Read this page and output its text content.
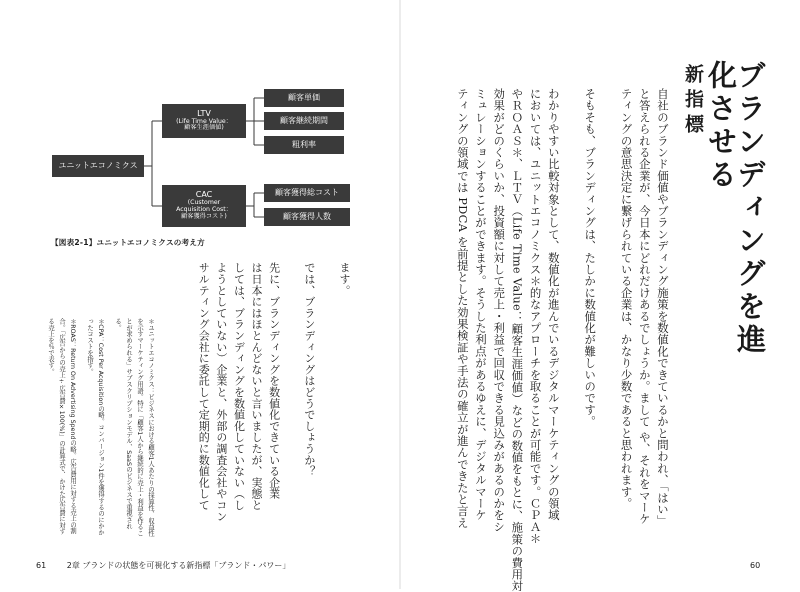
ブランディングを進化させる
新指標
自社のブランド価値やブランディング施策を数値化できているかと問われ、「はい」
と答えられる企業が、今日本にどれだけあるでしょうか。まして や、それをマーケ
ティングの意思決定に繋げられている企業は、かなり少数であると思われます。

そもそも、ブランディングは、たしかに数値化が難しいのです。

わかりやすい比較対象として、数値化が進んでいるデジタルマーケティングの領域
においては、ユニットエコノミクス＊的なアプローチを取ることが可能です。ＣＰＡ＊
やＲＯＡＳ＊、ＬＴＶ（Life Time Value：顧客生涯価値）などの数値をもとに、施策の費用対
効果がどのくらいか、投資額に対して売上・利益で回収できる見込みがあるのかをシ
ミュレーションすることができます。そうした利点があるゆえに、デジタルマーケ
ティングの領域では PDCA を前提とした効果検証や手法の確立が進んできたと言え
60
ユニットエコノミクス
LTV
(Life Time Value：
顧客生涯価値)
CAC
(Customer
Acquisition Cost：
顧客獲得コスト)
顧客単価
顧客継続期間
粗利率
顧客獲得総コスト
顧客獲得人数
【図表2-1】ユニットエコノミクスの考え方
ます。

では、ブランディングはどうでしょうか？

先に、ブランディングを数値化できている企業
は日本にはほとんどないと言いましたが、実態と
しては、ブランディングを数値化していない（し
ようとしていない）企業と、外部の調査会社やコン
サルティング会社に委託して定期的に数値化して
＊ユニットエコノミクス：ビジネスにおける顧客1人あたりの採算性、収益性を示すマーケティング用語。特に「顧客1人から継続的に売上・利益を作ることが求められる」サブスクリプションモデル、SaaSのビジネスで重視される。
＊CPA：Cost Per Acquisitionの略。コンバージョン1件を獲得するのにかかったコストを指す。
＊ROAS：Return On Advertising Spendの略。広告費用に対する売上の割合。「広告からの売上÷広告費×100(%)」の計算式で、かけた広告費に対する売上を％で表す。
61	2章 ブランドの状態を可視化する新指標「ブランド・パワー」
